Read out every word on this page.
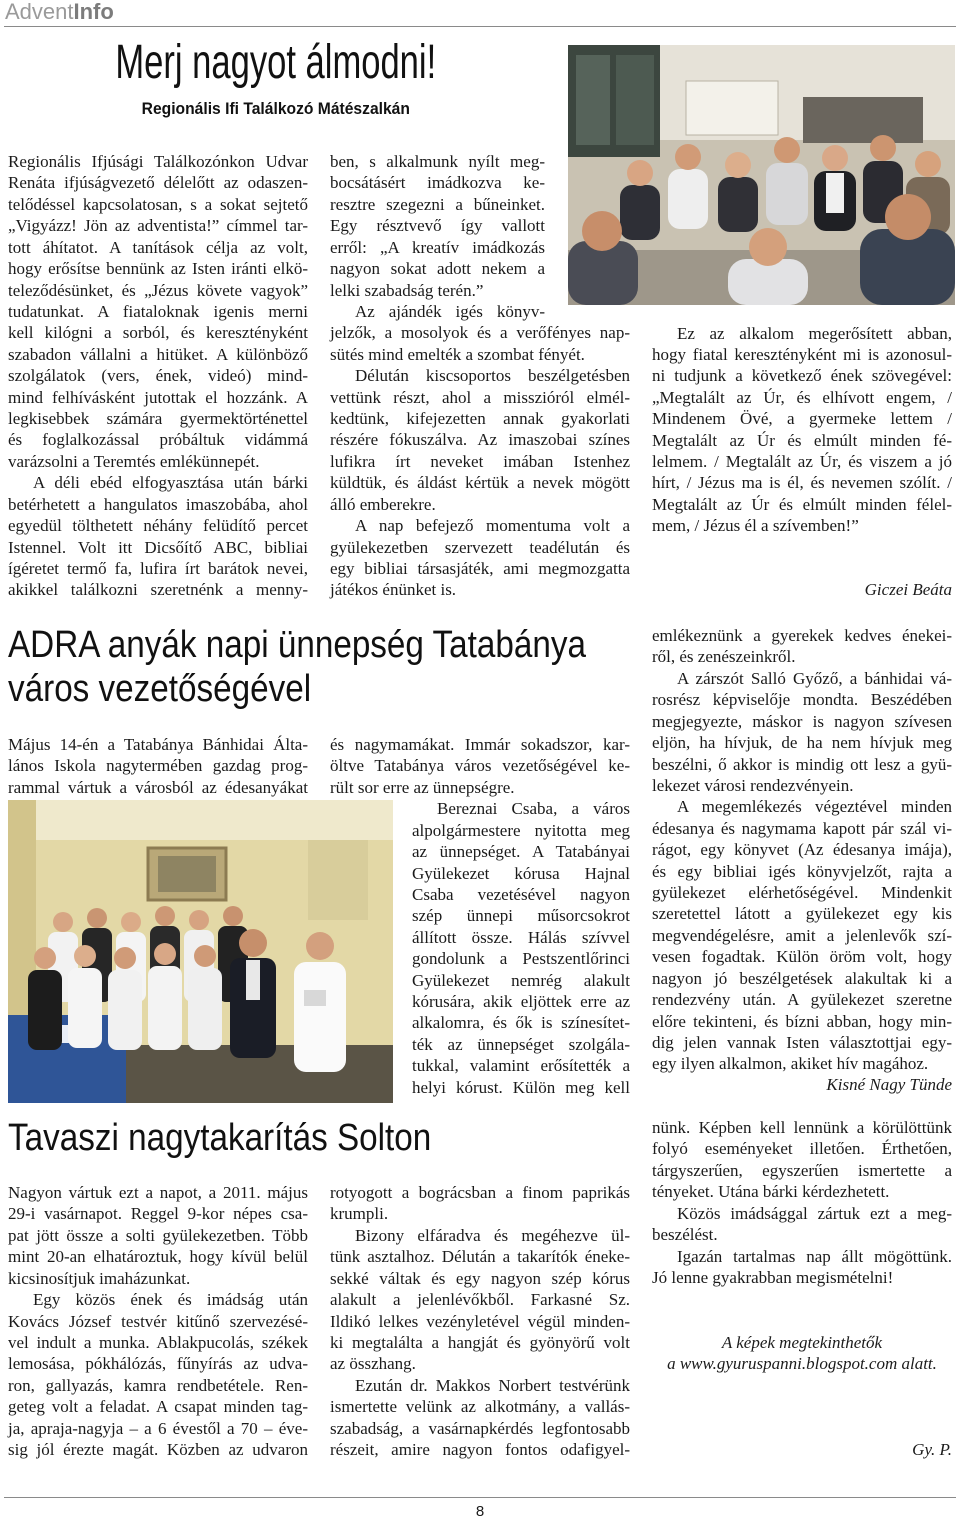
AdventInfo
Merj nagyot álmodni!
Regionális Ifi Találkozó Mátészalkán
Regionális Ifjúsági Találkozónkon Udvar
Renáta ifjúságvezető délelőtt az odaszen-
telődéssel kapcsolatosan, s a sokat sejtető
„Vigyázz! Jön az adventista!” címmel tar-
tott áhítatot. A tanítások célja az volt,
hogy erősítse bennünk az Isten iránti elkö-
teleződésünket, és „Jézus követe vagyok”
tudatunkat. A fiataloknak igenis merni
kell kilógni a sorból, és keresztényként
szabadon vállalni a hitüket. A különböző
szolgálatok (vers, ének, videó) mind-
mind felhívásként jutottak el hozzánk. A
legkisebbek számára gyermektörténettel
és foglalkozással próbáltuk vidámmá
varázsolni a Teremtés emlékünnepét.
A déli ebéd elfogyasztása után bárki
betérhetett a hangulatos imaszobába, ahol
egyedül tölthetett néhány felüdítő percet
Istennel. Volt itt Dicsőítő ABC, bibliai
ígéretet termő fa, lufira írt barátok nevei,
akikkel találkozni szeretnénk a menny-
ben, s alkalmunk nyílt meg-
bocsátásért imádkozva ke-
resztre szegezni a bűneinket.
Egy résztvevő így vallott
erről: „A kreatív imádkozás
nagyon sokat adott nekem a
lelki szabadság terén.”
Az ajándék igés könyv-
jelzők, a mosolyok és a verőfényes nap-
sütés mind emelték a szombat fényét.
Délután kiscsoportos beszélgetésben
vettünk részt, ahol a misszióról elmél-
kedtünk, kifejezetten annak gyakorlati
részére fókuszálva. Az imaszobai színes
lufikra írt neveket imában Istenhez
küldtük, és áldást kértük a nevek mögött
álló emberekre.
A nap befejező momentuma volt a
gyülekezetben szervezett teadélután és
egy bibliai társasjáték, ami megmozgatta
játékos énünket is.
Ez az alkalom megerősített abban,
hogy fiatal keresztényként mi is azonosul-
ni tudjunk a következő ének szövegével:
„Megtalált az Úr, és elhívott engem, /
Mindenem Övé, a gyermeke lettem /
Megtalált az Úr és elmúlt minden fé-
lelmem. / Megtalált az Úr, és viszem a jó
hírt, / Jézus ma is él, és nevemen szólít. /
Megtalált az Úr és elmúlt minden félel-
mem, / Jézus él a szívemben!”
Giczei Beáta
ADRA anyák napi ünnepség Tatabánya
város vezetőségével
Május 14-én a Tatabánya Bánhidai Álta-
lános Iskola nagytermében gazdag prog-
rammal vártuk a városból az édesanyákat
és nagymamákat. Immár sokadszor, kar-
öltve Tatabánya város vezetőségével ke-
rült sor erre az ünnepségre.
Bereznai Csaba, a város
alpolgármestere nyitotta meg
az ünnepséget. A Tatabányai
Gyülekezet kórusa Hajnal
Csaba vezetésével nagyon
szép ünnepi műsorcsokrot
állított össze. Hálás szívvel
gondolunk a Pestszentlőrinci
Gyülekezet nemrég alakult
kórusára, akik eljöttek erre az
alkalomra, és ők is színesítet-
ték az ünnepséget szolgála-
tukkal, valamint erősítették a
helyi kórust. Külön meg kell
emlékeznünk a gyerekek kedves énekei-
ről, és zenészeinkről.
A zárszót Salló Győző, a bánhidai vá-
rosrész képviselője mondta. Beszédében
megjegyezte, máskor is nagyon szívesen
eljön, ha hívjuk, de ha nem hívjuk meg
beszélni, ő akkor is mindig ott lesz a gyü-
lekezet városi rendezvényein.
A megemlékezés végeztével minden
édesanya és nagymama kapott pár szál vi-
rágot, egy könyvet (Az édesanya imája),
és egy bibliai igés könyvjelzőt, rajta a
gyülekezet elérhetőségével. Mindenkit
szeretettel látott a gyülekezet egy kis
megvendégelésre, amit a jelenlevők szí-
vesen fogadtak. Külön öröm volt, hogy
nagyon jó beszélgetések alakultak ki a
rendezvény után. A gyülekezet szeretne
előre tekinteni, és bízni abban, hogy min-
dig jelen vannak Isten választottjai egy-
egy ilyen alkalmon, akiket hív magához.
Kisné Nagy Tünde
Tavaszi nagytakarítás Solton
Nagyon vártuk ezt a napot, a 2011. május
29-i vasárnapot. Reggel 9-kor népes csa-
pat jött össze a solti gyülekezetben. Több
mint 20-an elhatároztuk, hogy kívül belül
kicsinosítjuk imaházunkat.
Egy közös ének és imádság után
Kovács József testvér kitűnő szervezésé-
vel indult a munka. Ablakpucolás, székek
lemosása, pókhálózás, fűnyírás az udva-
ron, gallyazás, kamra rendbetétele. Ren-
geteg volt a feladat. A csapat minden tag-
ja, apraja-nagyja – a 6 évestől a 70 – éve-
sig jól érezte magát. Közben az udvaron
rotyogott a bográcsban a finom paprikás
krumpli.
Bizony elfáradva és megéhezve ül-
tünk asztalhoz. Délután a takarítók éneke-
sekké váltak és egy nagyon szép kórus
alakult a jelenlévőkből. Farkasné Sz.
Ildikó lelkes vezényletével végül minden-
ki megtalálta a hangját és gyönyörű volt
az összhang.
Ezután dr. Makkos Norbert testvérünk
ismertette velünk az alkotmány, a vallás-
szabadság, a vasárnapkérdés legfontosabb
részeit, amire nagyon fontos odafigyel-
nünk. Képben kell lennünk a körülöttünk
folyó eseményeket illetően. Érthetően,
tárgyszerűen, egyszerűen ismertette a
tényeket. Utána bárki kérdezhetett.
Közös imádsággal zártuk ezt a meg-
beszélést.
Igazán tartalmas nap állt mögöttünk.
Jó lenne gyakrabban megismételni!
A képek megtekinthetők
a www.gyuruspanni.blogspot.com alatt.
Gy. P.
8
